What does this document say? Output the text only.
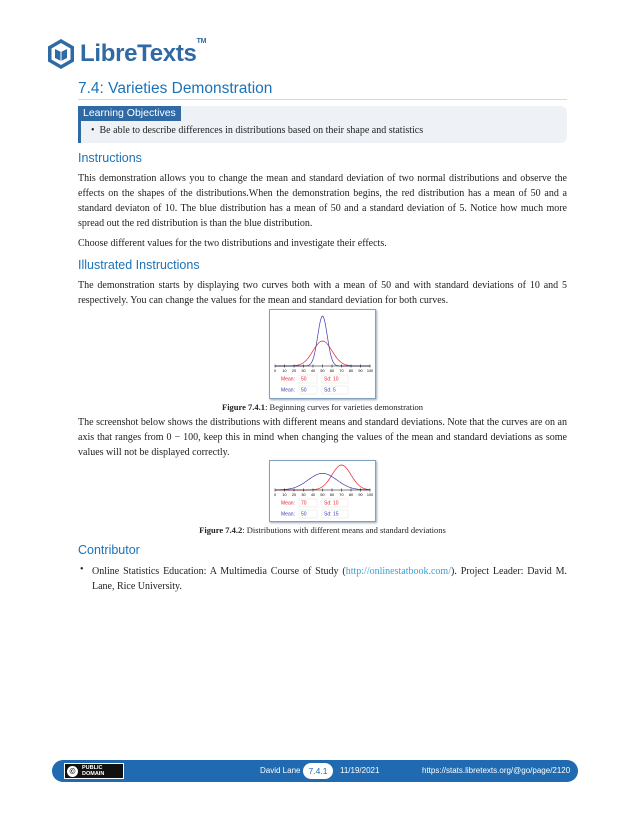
LibreTexts™
7.4: Varieties Demonstration
Learning Objectives
•  Be able to describe differences in distributions based on their shape and statistics
Instructions

This demonstration allows you to change the mean and standard deviation of two normal distributions and observe the effects on the shapes of the distributions.When the demonstration begins, the red distribution has a mean of 50 and a standard deviaton of 10. The blue distribution has a mean of 50 and a standard deviation of 5. Notice how much more spread out the red distribution is than the blue distribution.

Choose different values for the two distributions and investigate their effects.

Illustrated Instructions

The demonstration starts by displaying two curves both with a mean of 50 and with standard deviations of 10 and 5 respectively. You can change the values for the mean and standard deviation for both curves.

0 10 20 30 40 50 60 70 80 90 100
Mean: 50	Sd: 10
Mean: 50	Sd: 5

Figure 7.4.1: Beginning curves for varieties demonstration

The screenshot below shows the distributions with different means and standard deviations. Note that the curves are on an axis that ranges from 0 − 100, keep this in mind when changing the values of the mean and standard deviations as some values will not be displayed correctly.

0 10 20 30 40 50 60 70 80 90 100
Mean: 70	Sd: 10
Mean: 50	Sd: 15

Figure 7.4.2: Distributions with different means and standard deviations

Contributor
• Online Statistics Education: A Multimedia Course of Study (http://onlinestatbook.com/). Project Leader: David M. Lane, Rice University.
©	PUBLIC
DOMAIN	David Lane 7.4.1	11/19/2021	https://stats.libretexts.org/@go/page/2120
